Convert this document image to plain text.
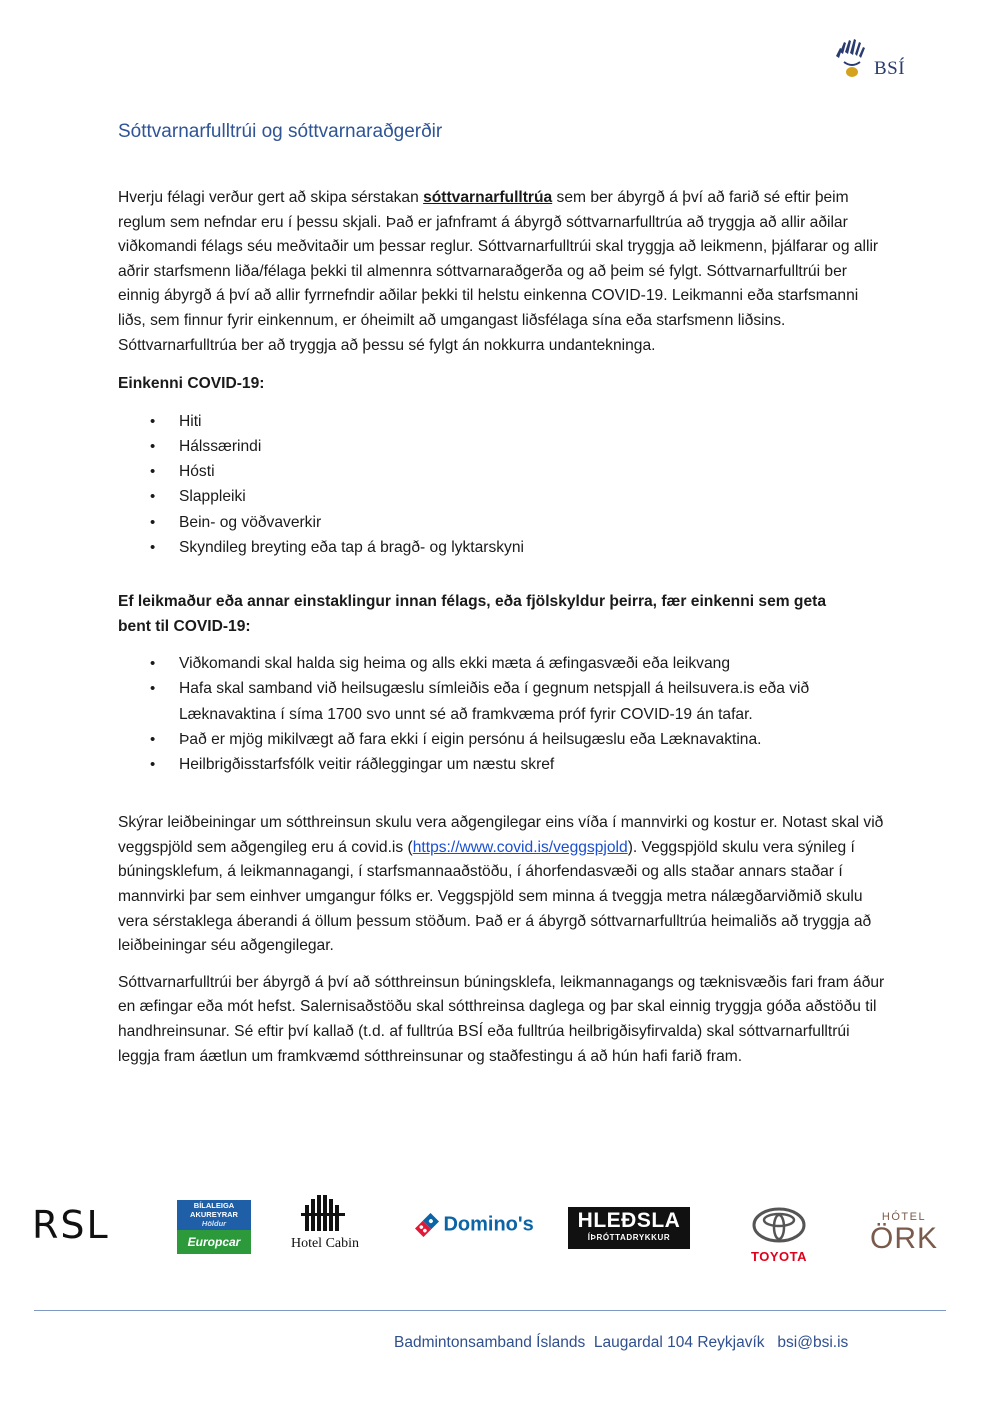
BSÍ
Sóttvarnarfulltrúi og sóttvarnaraðgerðir

Hverju félagi verður gert að skipa sérstakan sóttvarnarfulltrúa sem ber ábyrgð á því að farið sé eftir þeim reglum sem nefndar eru í þessu skjali. Það er jafnframt á ábyrgð sóttvarnarfulltrúa að tryggja að allir aðilar viðkomandi félags séu meðvitaðir um þessar reglur. Sóttvarnarfulltrúi skal tryggja að leikmenn, þjálfarar og allir aðrir starfsmenn liða/félaga þekki til almennra sóttvarnaraðgerða og að þeim sé fylgt. Sóttvarnarfulltrúi ber einnig ábyrgð á því að allir fyrrnefndir aðilar þekki til helstu einkenna COVID-19. Leikmanni eða starfsmanni liðs, sem finnur fyrir einkennum, er óheimilt að umgangast liðsfélaga sína eða starfsmenn liðsins. Sóttvarnarfulltrúa ber að tryggja að þessu sé fylgt án nokkurra undantekninga.

Einkenni COVID-19:

• Hiti
• Hálssærindi
• Hósti
• Slappleiki
• Bein- og vöðvaverkir
• Skyndileg breyting eða tap á bragð- og lyktarskyni

Ef leikmaður eða annar einstaklingur innan félags, eða fjölskyldur þeirra, fær einkenni sem geta bent til COVID-19:

• Viðkomandi skal halda sig heima og alls ekki mæta á æfingasvæði eða leikvang
• Hafa skal samband við heilsugæslu símleiðis eða í gegnum netspjall á heilsuvera.is eða við Læknavaktina í síma 1700 svo unnt sé að framkvæma próf fyrir COVID-19 án tafar.
• Það er mjög mikilvægt að fara ekki í eigin persónu á heilsugæslu eða Læknavaktina.
• Heilbrigðisstarfsfólk veitir ráðleggingar um næstu skref

Skýrar leiðbeiningar um sótthreinsun skulu vera aðgengilegar eins víða í mannvirki og kostur er. Notast skal við veggspjöld sem aðgengileg eru á covid.is (https://www.covid.is/veggspjold). Veggspjöld skulu vera sýnileg í búningsklefum, á leikmannagangi, í starfsmannaaðstöðu, í áhorfendasvæði og alls staðar annars staðar í mannvirki þar sem einhver umgangur fólks er. Veggspjöld sem minna á tveggja metra nálægðarviðmið skulu vera sérstaklega áberandi á öllum þessum stöðum. Það er á ábyrgð sóttvarnarfulltrúa heimaliðs að tryggja að leiðbeiningar séu aðgengilegar.

Sóttvarnarfulltrúi ber ábyrgð á því að sótthreinsun búningsklefa, leikmannagangs og tæknisvæðis fari fram áður en æfingar eða mót hefst. Salernisaðstöðu skal sótthreinsa daglega og þar skal einnig tryggja góða aðstöðu til handhreinsunar. Sé eftir því kallað (t.d. af fulltrúa BSÍ eða fulltrúa heilbrigðisyfirvalda) skal sóttvarnarfulltrúi leggja fram áætlun um framkvæmd sótthreinsunar og staðfestingu á að hún hafi farið fram.

RSL	BÍLALEIGA
AKUREYRAR
Höldur
Europcar	Hotel Cabin
Domino's	HLEÐSLA
ÍÞRÓTTADRYKKUR
TOYOTA
HÓTEL
ÖRK
Badmintonsamband Íslands  Laugardal 104 Reykjavík   bsi@bsi.is
